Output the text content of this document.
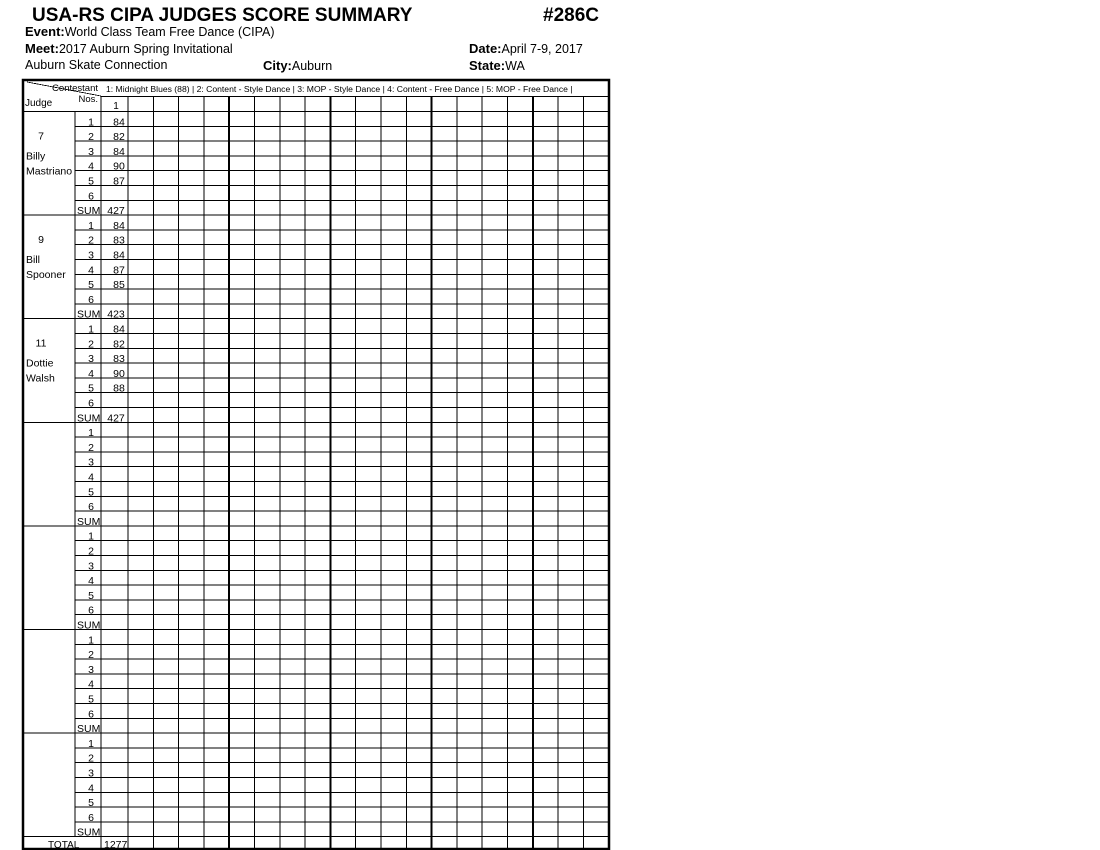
USA-RS CIPA JUDGES SCORE SUMMARY	#286C
Event:World Class Team Free Dance (CIPA)
Meet:2017 Auburn Spring Invitational
Auburn Skate Connection
Date:April 7-9, 2017
City:Auburn	State:WA
1: Midnight Blues (88) | 2: Content - Style Dance | 3: MOP - Style Dance | 4: Content - Free Dance | 5: MOP - Free Dance |
1
Contestant
Nos.
Judge
7
Billy
Mastriano
1 84
2 82
3 84
4 90
5 87
6
SUM 427
9
Bill
Spooner
1 84
2 83
3 84
4 87
5 85
6
SUM 423
11
Dottie
Walsh
1 84
2 82
3 83
4 90
5 88
6
SUM 427
1
2
3
4
5
6
SUM
1
2
3
4
5
6
SUM
1
2
3
4
5
6
SUM
1
2
3
4
5
6
SUM
TOTAL 1277
